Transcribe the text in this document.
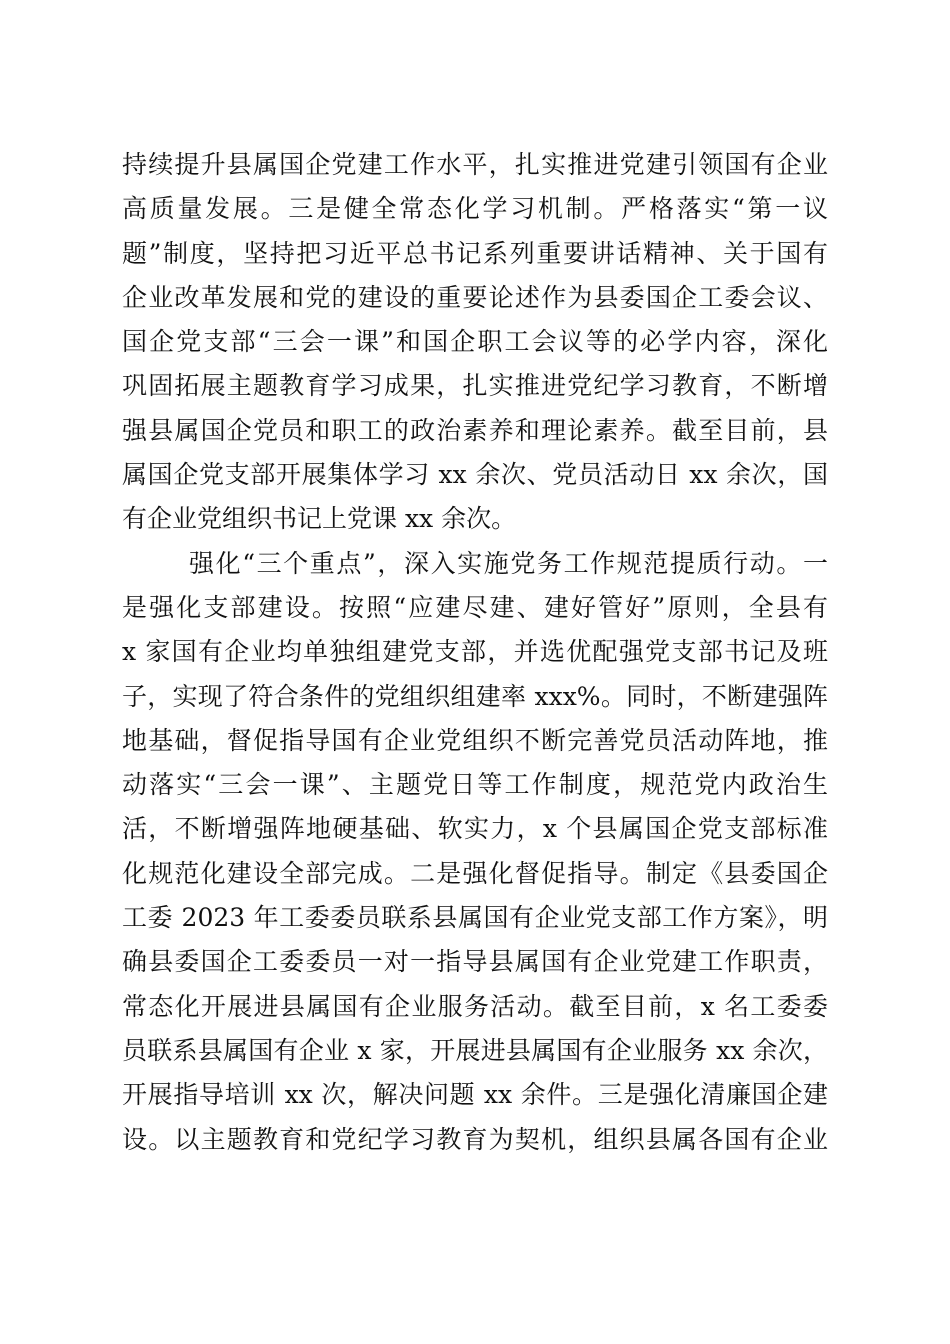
持续提升县属国企党建工作水平，扎实推进党建引领国有企业
高质量发展。三是健全常态化学习机制。严格落实“第一议
题”制度，坚持把习近平总书记系列重要讲话精神、关于国有
企业改革发展和党的建设的重要论述作为县委国企工委会议、
国企党支部“三会一课”和国企职工会议等的必学内容，深化
巩固拓展主题教育学习成果，扎实推进党纪学习教育，不断增
强县属国企党员和职工的政治素养和理论素养。截至目前，县
属国企党支部开展集体学习 xx 余次、党员活动日 xx 余次，国
有企业党组织书记上党课 xx 余次。
强化“三个重点”，深入实施党务工作规范提质行动。一
是强化支部建设。按照“应建尽建、建好管好”原则，全县有
x 家国有企业均单独组建党支部，并选优配强党支部书记及班
子，实现了符合条件的党组织组建率 xxx%。同时，不断建强阵
地基础，督促指导国有企业党组织不断完善党员活动阵地，推
动落实“三会一课”、主题党日等工作制度，规范党内政治生
活，不断增强阵地硬基础、软实力，x 个县属国企党支部标准
化规范化建设全部完成。二是强化督促指导。制定《县委国企
工委 2023 年工委委员联系县属国有企业党支部工作方案》，明
确县委国企工委委员一对一指导县属国有企业党建工作职责，
常态化开展进县属国有企业服务活动。截至目前，x 名工委委
员联系县属国有企业 x 家，开展进县属国有企业服务 xx 余次，
开展指导培训 xx 次，解决问题 xx 余件。三是强化清廉国企建
设。以主题教育和党纪学习教育为契机，组织县属各国有企业
